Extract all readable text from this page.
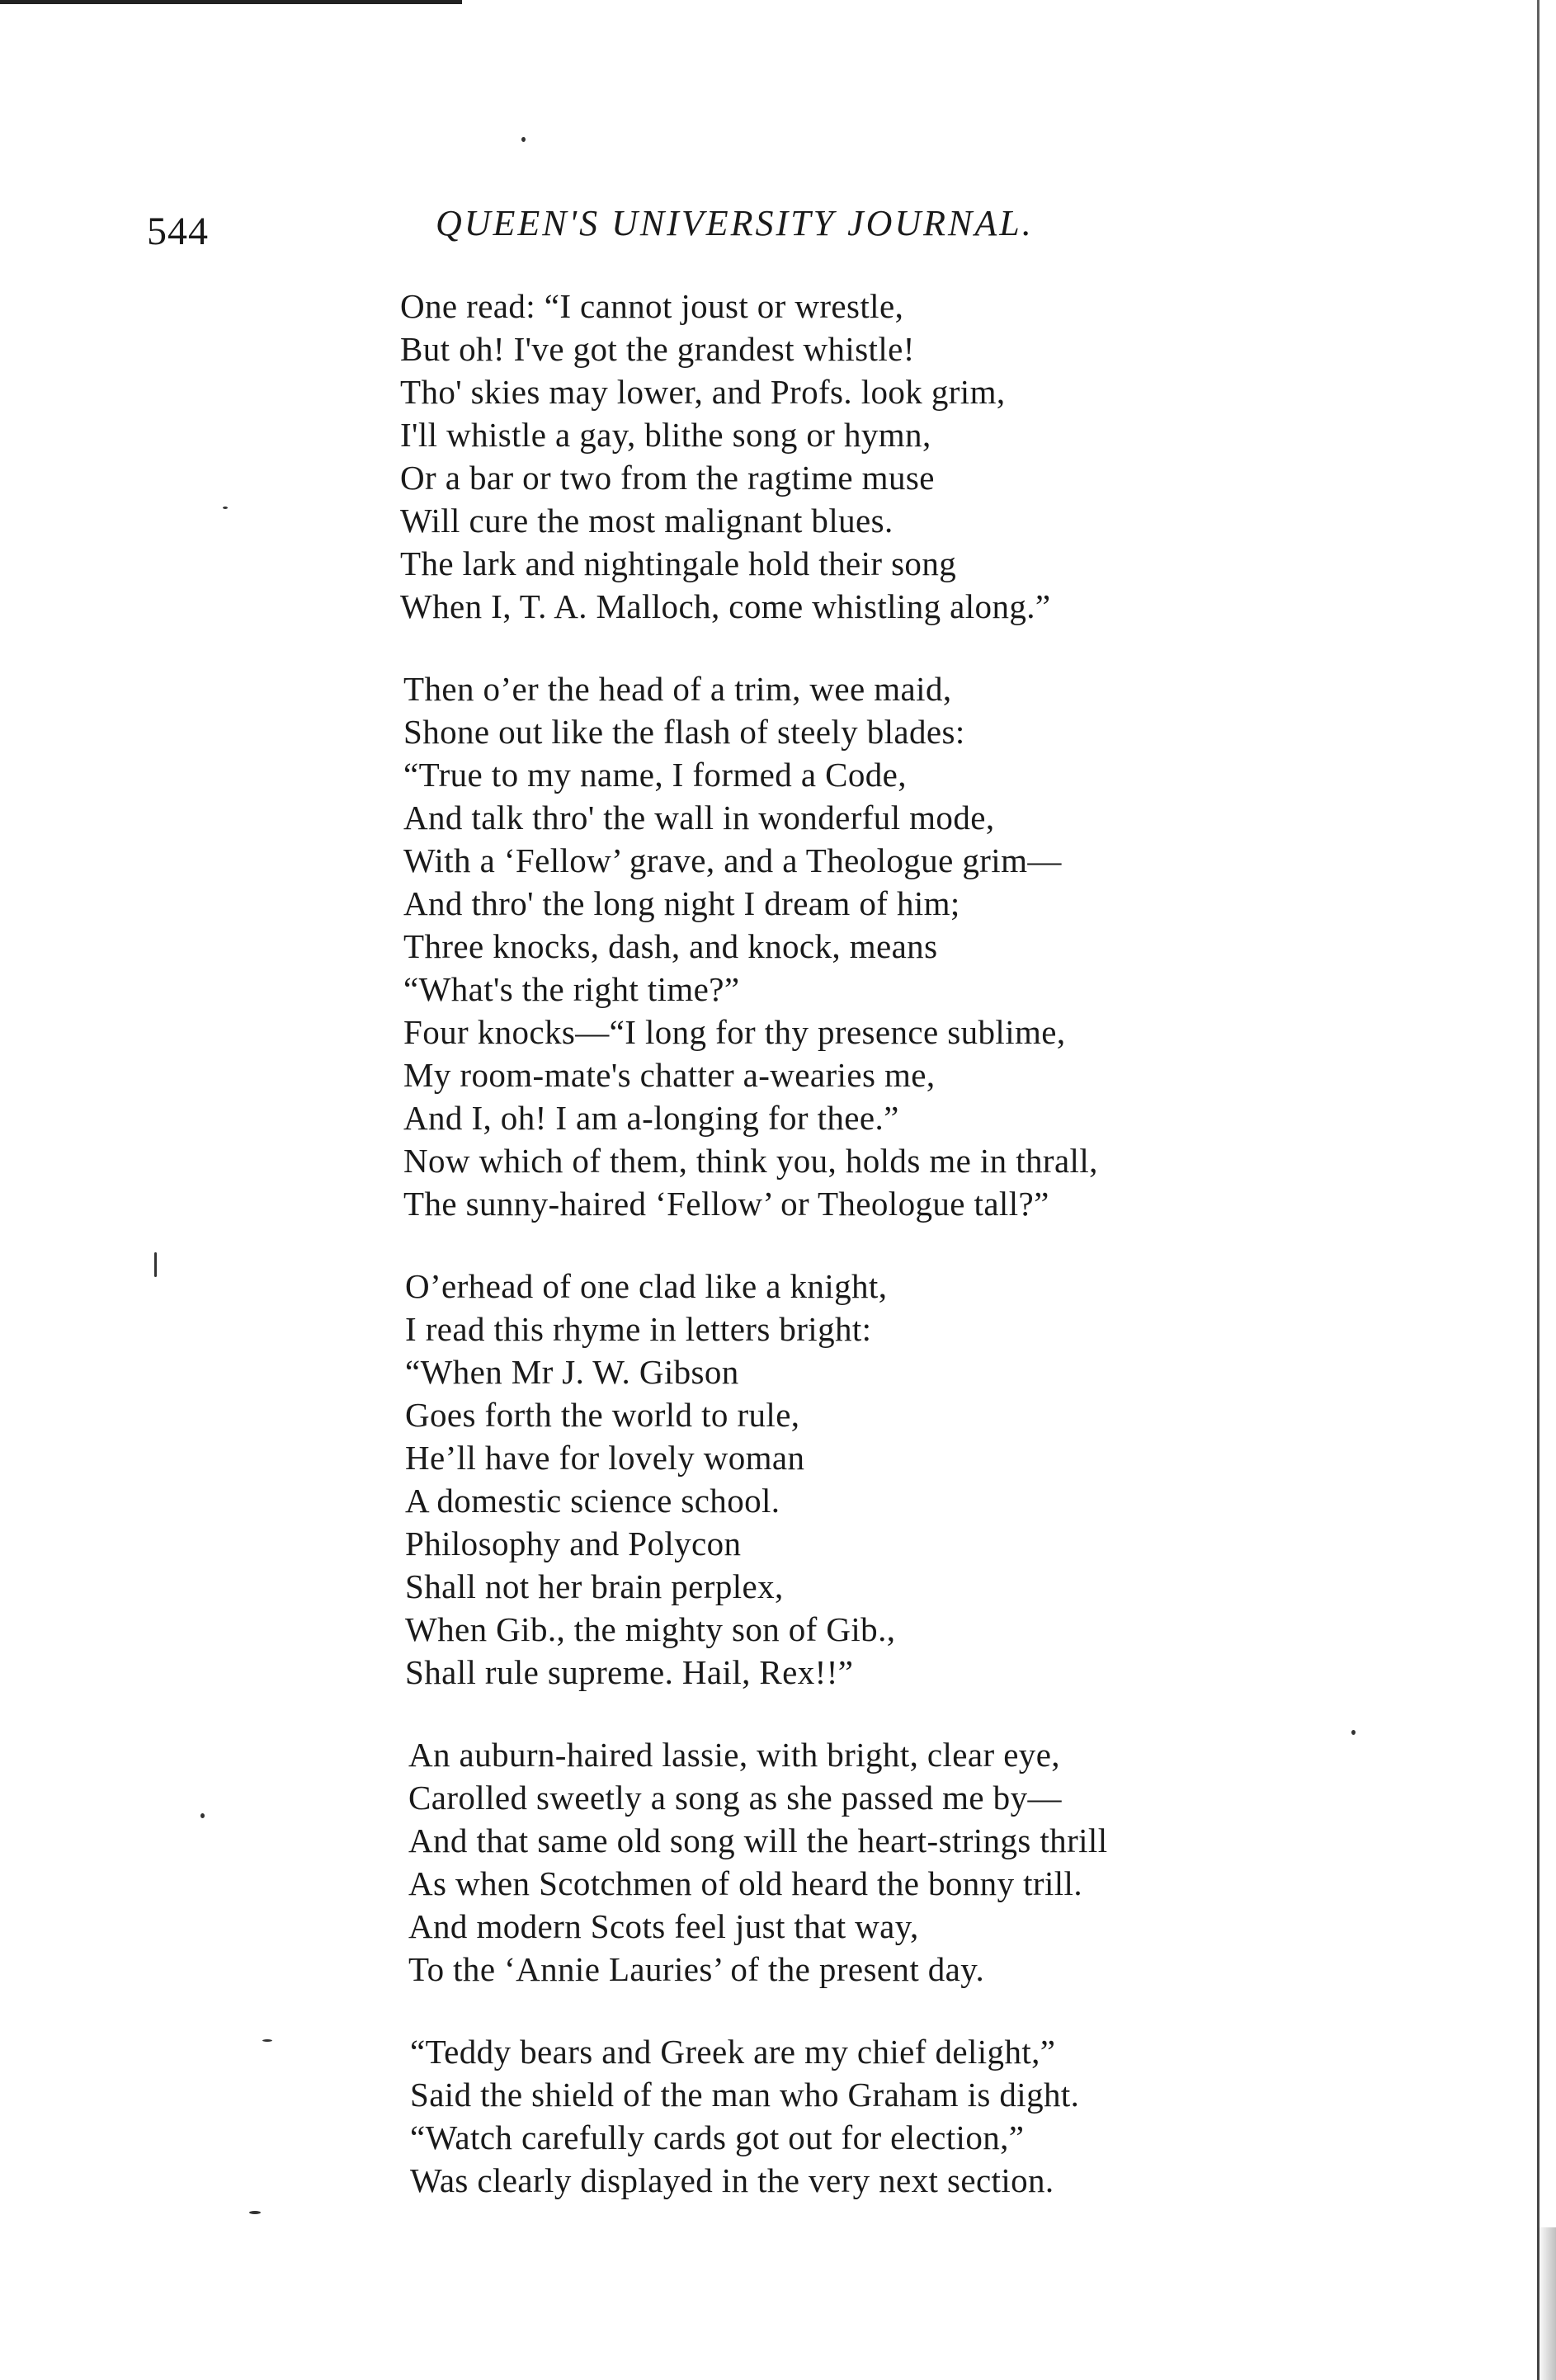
544	QUEEN'S UNIVERSITY JOURNAL.
One read: “I cannot joust or wrestle,
But oh! I've got the grandest whistle!
Tho' skies may lower, and Profs. look grim,
I'll whistle a gay, blithe song or hymn,
Or a bar or two from the ragtime muse
Will cure the most malignant blues.
The lark and nightingale hold their song
When I, T. A. Malloch, come whistling along.”
Then o’er the head of a trim, wee maid,
Shone out like the flash of steely blades:
“True to my name, I formed a Code,
And talk thro' the wall in wonderful mode,
With a ‘Fellow’ grave, and a Theologue grim—
And thro' the long night I dream of him;
Three knocks, dash, and knock, means
“What's the right time?”
Four knocks—“I long for thy presence sublime,
My room-mate's chatter a-wearies me,
And I, oh! I am a-longing for thee.”
Now which of them, think you, holds me in thrall,
The sunny-haired ‘Fellow’ or Theologue tall?”
O’erhead of one clad like a knight,
I read this rhyme in letters bright:
“When Mr J. W. Gibson
Goes forth the world to rule,
He’ll have for lovely woman
A domestic science school.
Philosophy and Polycon
Shall not her brain perplex,
When Gib., the mighty son of Gib.,
Shall rule supreme. Hail, Rex!!”
An auburn-haired lassie, with bright, clear eye,
Carolled sweetly a song as she passed me by—
And that same old song will the heart-strings thrill
As when Scotchmen of old heard the bonny trill.
And modern Scots feel just that way,
To the ‘Annie Lauries’ of the present day.
“Teddy bears and Greek are my chief delight,”
Said the shield of the man who Graham is dight.
“Watch carefully cards got out for election,”
Was clearly displayed in the very next section.
